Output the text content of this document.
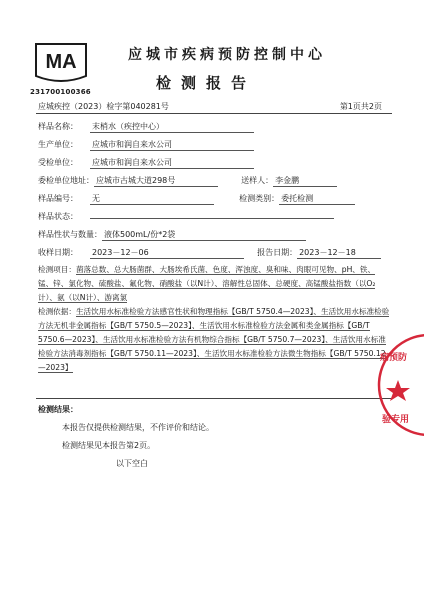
MA
231700100366
应城市疾病预防控制中心
检测报告
应城疾控（2023）检字第040281号	第1页共2页
样品名称： 末梢水（疾控中心）
生产单位： 应城市和润自来水公司
受检单位： 应城市和润自来水公司
委检单位地址： 应城市古城大道298号	送样人： 李金鹏
样品编号： 无	检测类别： 委托检测
样品状态：
样品性状与数量： 液体500mL/份*2袋
收样日期： 2023－12－06	报告日期： 2023－12－18
检测项目：菌落总数、总大肠菌群、大肠埃希氏菌、色度、浑浊度、臭和味、肉眼可见物、pH、铁、锰、锌、氯化物、硫酸盐、氟化物、硝酸盐（以N计）、溶解性总固体、总硬度、高锰酸盐指数（以O₂计）、氨（以N计）、游离氯
检测依据：生活饮用水标准检验方法感官性状和物理指标【GB/T 5750.4—2023】、生活饮用水标准检验方法无机非金属指标【GB/T 5750.5—2023】、生活饮用水标准检验方法金属和类金属指标【GB/T 5750.6—2023】、生活饮用水标准检验方法有机物综合指标【GB/T 5750.7—2023】、生活饮用水标准检验方法消毒剂指标【GB/T 5750.11—2023】、生活饮用水标准检验方法微生物指标【GB/T 5750.12—2023】
检测结果：
本报告仅提供检测结果，不作评价和结论。
检测结果见本报告第2页。
以下空白
病预防
验专用
